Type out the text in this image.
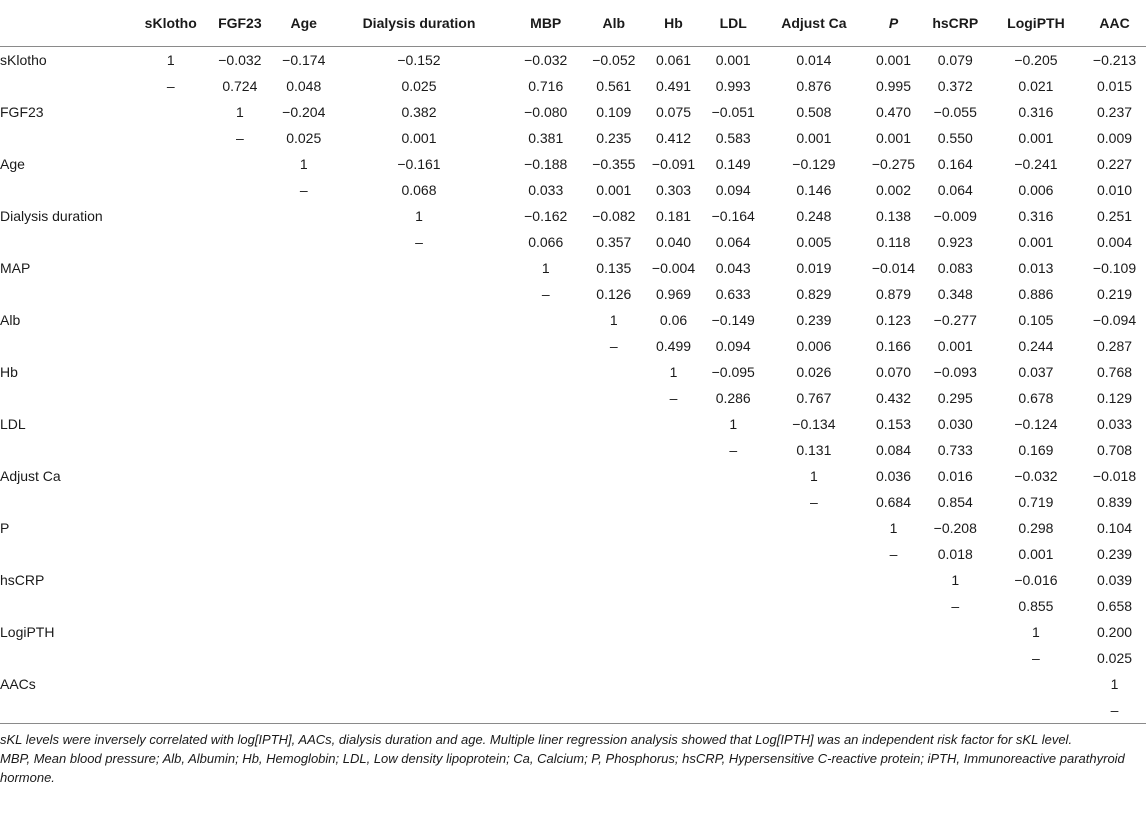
	sKlotho	FGF23	Age	Dialysis duration	MBP	Alb	Hb	LDL	Adjust Ca	P	hsCRP	LogiPTH	AAC
sKlotho	1	−0.032	−0.174	−0.152	−0.032	−0.052	0.061	0.001	0.014	0.001	0.079	−0.205	−0.213
	–	0.724	0.048	0.025	0.716	0.561	0.491	0.993	0.876	0.995	0.372	0.021	0.015
FGF23		1	−0.204	0.382	−0.080	0.109	0.075	−0.051	0.508	0.470	−0.055	0.316	0.237
		–	0.025	0.001	0.381	0.235	0.412	0.583	0.001	0.001	0.550	0.001	0.009
Age			1	−0.161	−0.188	−0.355	−0.091	0.149	−0.129	−0.275	0.164	−0.241	0.227
			–	0.068	0.033	0.001	0.303	0.094	0.146	0.002	0.064	0.006	0.010
Dialysis duration				1	−0.162	−0.082	0.181	−0.164	0.248	0.138	−0.009	0.316	0.251
				–	0.066	0.357	0.040	0.064	0.005	0.118	0.923	0.001	0.004
MAP					1	0.135	−0.004	0.043	0.019	−0.014	0.083	0.013	−0.109
					–	0.126	0.969	0.633	0.829	0.879	0.348	0.886	0.219
Alb						1	0.06	−0.149	0.239	0.123	−0.277	0.105	−0.094
						–	0.499	0.094	0.006	0.166	0.001	0.244	0.287
Hb							1	−0.095	0.026	0.070	−0.093	0.037	0.768
							–	0.286	0.767	0.432	0.295	0.678	0.129
LDL								1	−0.134	0.153	0.030	−0.124	0.033
								–	0.131	0.084	0.733	0.169	0.708
Adjust Ca									1	0.036	0.016	−0.032	−0.018
									–	0.684	0.854	0.719	0.839
P										1	−0.208	0.298	0.104
										–	0.018	0.001	0.239
hsCRP											1	−0.016	0.039
											–	0.855	0.658
LogiPTH												1	0.200
												–	0.025
AACs													1
													–
sKL levels were inversely correlated with log[IPTH], AACs, dialysis duration and age. Multiple liner regression analysis showed that Log[IPTH] was an independent risk factor for sKL level.
MBP, Mean blood pressure; Alb, Albumin; Hb, Hemoglobin; LDL, Low density lipoprotein; Ca, Calcium; P, Phosphorus; hsCRP, Hypersensitive C-reactive protein; iPTH, Immunoreactive parathyroid hormone.
